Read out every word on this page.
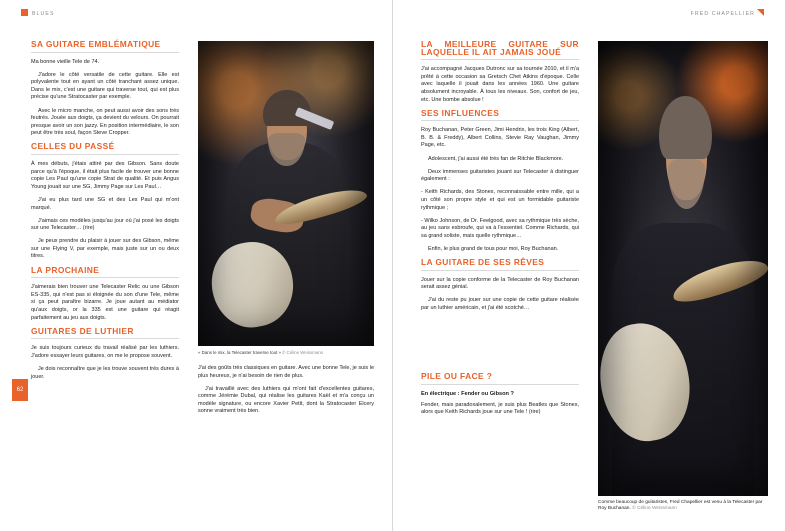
BLUES	FRED CHAPELLIER
62
SA GUITARE EMBLÉMATIQUE

Ma bonne vieille Tele de 74.

J'adore le côté versatile de cette guitare. Elle est polyvalente tout en ayant un côté tranchant assez unique. Dans le mix, c'est une guitare qui traverse tout, qui est plus précise qu'une Stratocaster par exemple.

Avec le micro manche, on peut aussi avoir des sons très feutrés. Jouée aux doigts, ça devient du velours. On pourrait presque avoir un son jazzy. En position intermédiaire, le son peut être très soul, façon Steve Cropper.

CELLES DU PASSÉ

À mes débuts, j'étais attiré par des Gibson. Sans doute parce qu'à l'époque, il était plus facile de trouver une bonne copie Les Paul qu'une copie Strat de qualité. Et puis Angus Young jouait sur une SG, Jimmy Page sur Les Paul…

J'ai eu plus tard une SG et des Les Paul qui m'ont marqué.

J'aimais ces modèles jusqu'au jour où j'ai posé les doigts sur une Telecaster… (rire)

Je peux prendre du plaisir à jouer sur des Gibson, même sur une Flying V, par exemple, mais juste sur un ou deux titres.

LA PROCHAINE

J'aimerais bien trouver une Telecaster Relic ou une Gibson ES-335, qui n'est pas si éloignée du son d'une Tele, même si ça peut paraître bizarre. Je joue autant au médiator qu'aux doigts, or la 335 est une guitare qui réagit parfaitement au jeu aux doigts.

GUITARES DE LUTHIER

Je suis toujours curieux du travail réalisé par les luthiers. J'adore essayer leurs guitares, on me le propose souvent.

Je dois reconnaître que je les trouve souvent très dures à jouer.

« Dans le mix, la Telecaster traverse tout » © Céline Weissmann

J'ai des goûts très classiques en guitare. Avec une bonne Tele, je suis le plus heureux, je n'ai besoin de rien de plus.

J'ai travaillé avec des luthiers qui m'ont fait d'excellentes guitares, comme Jérémie Dubal, qui réalise les guitares Kaël et m'a conçu un modèle signature, ou encore Xavier Petit, dont la Stratocaster Elcery sonne vraiment très bien.

LA MEILLEURE GUITARE SUR LAQUELLE IL AIT JAMAIS JOUÉ

J'ai accompagné Jacques Dutronc sur sa tournée 2010, et il m'a prêté à cette occasion sa Gretsch Chet Atkins d'époque. Celle avec laquelle il jouait dans les années 1960. Une guitare absolument incroyable. À tous les niveaux. Son, confort de jeu, etc. Une bombe absolue !

SES INFLUENCES

Roy Buchanan, Peter Green, Jimi Hendrix, les trois King (Albert, B. B. & Freddy), Albert Collins, Stevie Ray Vaughan, Jimmy Page, etc.

Adolescent, j'ai aussi été très fan de Ritchie Blackmore.

Deux immenses guitaristes jouant sur Telecaster à distinguer également :

- Keith Richards, des Stones, reconnaissable entre mille, qui a un côté son propre style et qui est un formidable guitariste rythmique ;

- Wilko Johnson, de Dr. Feelgood, avec sa rythmique très sèche, au jeu sans esbroufe, qui va à l'essentiel. Comme Richards, qui sa grand soliste, mais quelle rythmique…

Enfin, le plus grand de tous pour moi, Roy Buchanan.

LA GUITARE DE SES RÊVES

Jouer sur la copie conforme de la Telecaster de Roy Buchanan serait assez génial.

J'ai du reste pu jouer sur une copie de cette guitare réalisée par un luthier américain, et j'ai été scotché…

PILE OU FACE ?
En électrique : Fender ou Gibson ?

Fender, mais paradoxalement, je suis plus Beatles que Stones, alors que Keith Richards joue sur une Tele ! (rire)

Comme beaucoup de guitaristes, Fred Chapellier est venu à la Telecaster par Roy Buchanan. © Céline Weissmann
